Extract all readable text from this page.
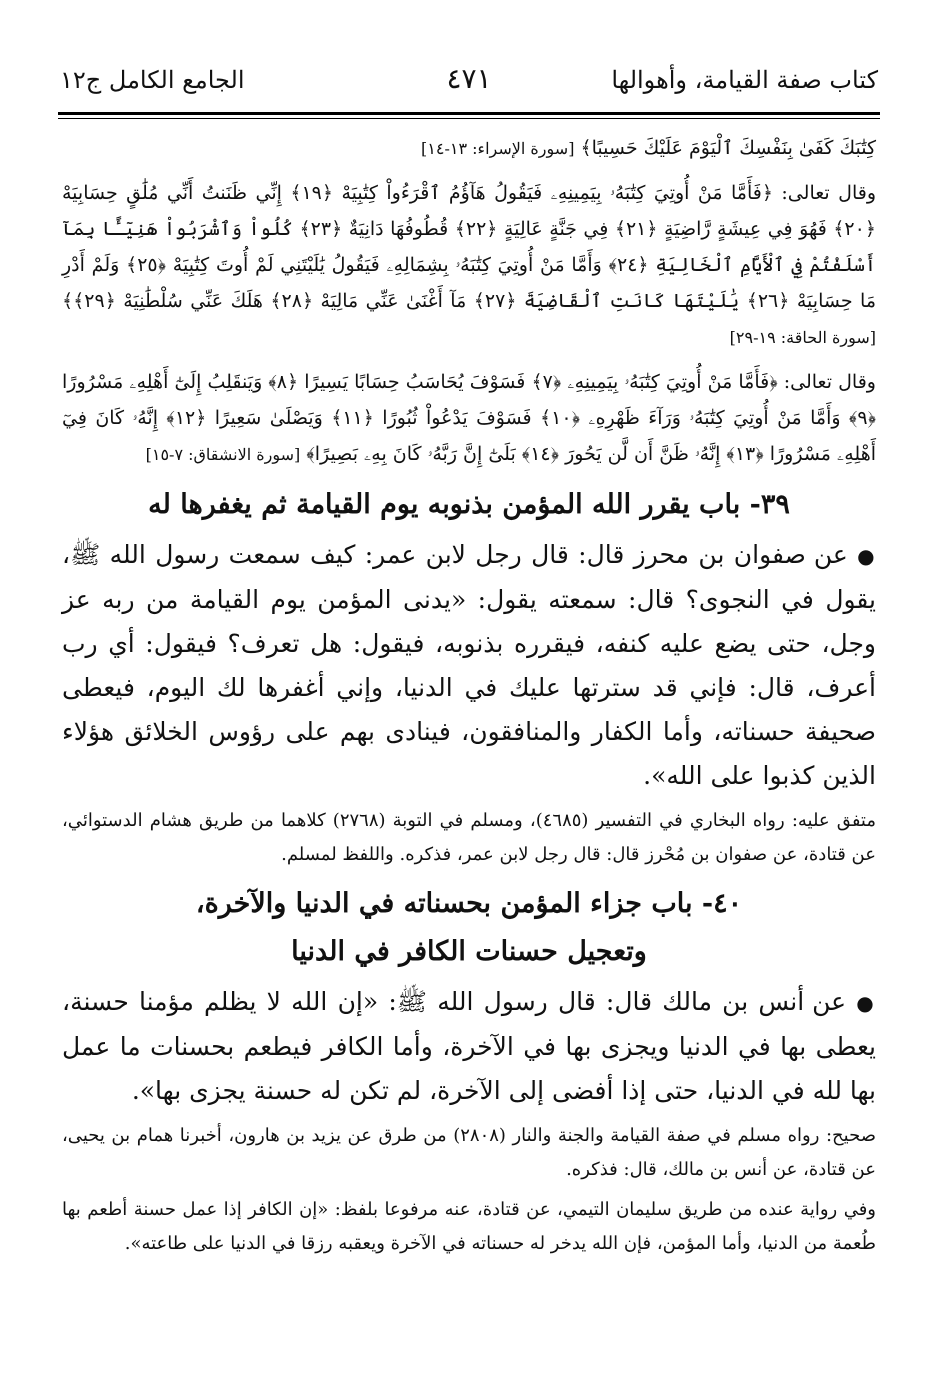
كتاب صفة القيامة، وأهوالها
٤٧١
الجامع الكامل ج١٢

كِتَٰبَكَ كَفَىٰ بِنَفْسِكَ ٱلْيَوْمَ عَلَيْكَ حَسِيبًا﴾ [سورة الإسراء: ١٣-١٤]

وقال تعالى: ﴿فَأَمَّا مَنْ أُوتِيَ كِتَٰبَهُۥ بِيَمِينِهِۦ فَيَقُولُ هَآؤُمُ ٱقْرَءُواْ كِتَٰبِيَهْ ﴿١٩﴾ إِنِّي ظَنَنتُ أَنِّي مُلَٰقٍ حِسَابِيَهْ ﴿٢٠﴾ فَهُوَ فِي عِيشَةٍ رَّاضِيَةٍ ﴿٢١﴾ فِي جَنَّةٍ عَالِيَةٍ ﴿٢٢﴾ قُطُوفُهَا دَانِيَةٌ ﴿٢٣﴾ كُلُواْ وَٱشْرَبُواْ هَنِيٓـًٔا بِمَآ أَسْلَفْتُمْ فِي ٱلْأَيَّامِ ٱلْخَالِيَةِ ﴿٢٤﴾ وَأَمَّا مَنْ أُوتِيَ كِتَٰبَهُۥ بِشِمَالِهِۦ فَيَقُولُ يَٰلَيْتَنِي لَمْ أُوتَ كِتَٰبِيَهْ ﴿٢٥﴾ وَلَمْ أَدْرِ مَا حِسَابِيَهْ ﴿٢٦﴾ يَٰلَيْتَهَا كَانَتِ ٱلْقَاضِيَةَ ﴿٢٧﴾ مَآ أَغْنَىٰ عَنِّي مَالِيَهْ ﴿٢٨﴾ هَلَكَ عَنِّي سُلْطَٰنِيَهْ ﴿٢٩﴾﴾ [سورة الحاقة: ١٩-٢٩]

وقال تعالى: ﴿فَأَمَّا مَنْ أُوتِيَ كِتَٰبَهُۥ بِيَمِينِهِۦ ﴿٧﴾ فَسَوْفَ يُحَاسَبُ حِسَابًا يَسِيرًا ﴿٨﴾ وَيَنقَلِبُ إِلَىٰٓ أَهْلِهِۦ مَسْرُورًا ﴿٩﴾ وَأَمَّا مَنْ أُوتِيَ كِتَٰبَهُۥ وَرَآءَ ظَهْرِهِۦ ﴿١٠﴾ فَسَوْفَ يَدْعُواْ ثُبُورًا ﴿١١﴾ وَيَصْلَىٰ سَعِيرًا ﴿١٢﴾ إِنَّهُۥ كَانَ فِيٓ أَهْلِهِۦ مَسْرُورًا ﴿١٣﴾ إِنَّهُۥ ظَنَّ أَن لَّن يَحُورَ ﴿١٤﴾ بَلَىٰٓ إِنَّ رَبَّهُۥ كَانَ بِهِۦ بَصِيرًا﴾ [سورة الانشقاق: ٧-١٥]

٣٩- باب يقرر الله المؤمن بذنوبه يوم القيامة ثم يغفرها له

● عن صفوان بن محرز قال: قال رجل لابن عمر: كيف سمعت رسول الله ﷺ، يقول في النجوى؟ قال: سمعته يقول: «يدنى المؤمن يوم القيامة من ربه عز وجل، حتى يضع عليه كنفه، فيقرره بذنوبه، فيقول: هل تعرف؟ فيقول: أي رب أعرف، قال: فإني قد سترتها عليك في الدنيا، وإني أغفرها لك اليوم، فيعطى صحيفة حسناته، وأما الكفار والمنافقون، فينادى بهم على رؤوس الخلائق هؤلاء الذين كذبوا على الله».

متفق عليه: رواه البخاري في التفسير (٤٦٨٥)، ومسلم في التوبة (٢٧٦٨) كلاهما من طريق هشام الدستوائي، عن قتادة، عن صفوان بن مُحْرز قال: قال رجل لابن عمر، فذكره. واللفظ لمسلم.

٤٠- باب جزاء المؤمن بحسناته في الدنيا والآخرة،
وتعجيل حسنات الكافر في الدنيا

● عن أنس بن مالك قال: قال رسول الله ﷺ: «إن الله لا يظلم مؤمنا حسنة، يعطى بها في الدنيا ويجزى بها في الآخرة، وأما الكافر فيطعم بحسنات ما عمل بها لله في الدنيا، حتى إذا أفضى إلى الآخرة، لم تكن له حسنة يجزى بها».

صحيح: رواه مسلم في صفة القيامة والجنة والنار (٢٨٠٨) من طرق عن يزيد بن هارون، أخبرنا همام بن يحيى، عن قتادة، عن أنس بن مالك، قال: فذكره.

وفي رواية عنده من طريق سليمان التيمي، عن قتادة، عنه مرفوعا بلفظ: «إن الكافر إذا عمل حسنة أطعم بها طُعمة من الدنيا، وأما المؤمن، فإن الله يدخر له حسناته في الآخرة ويعقبه رزقا في الدنيا على طاعته».
